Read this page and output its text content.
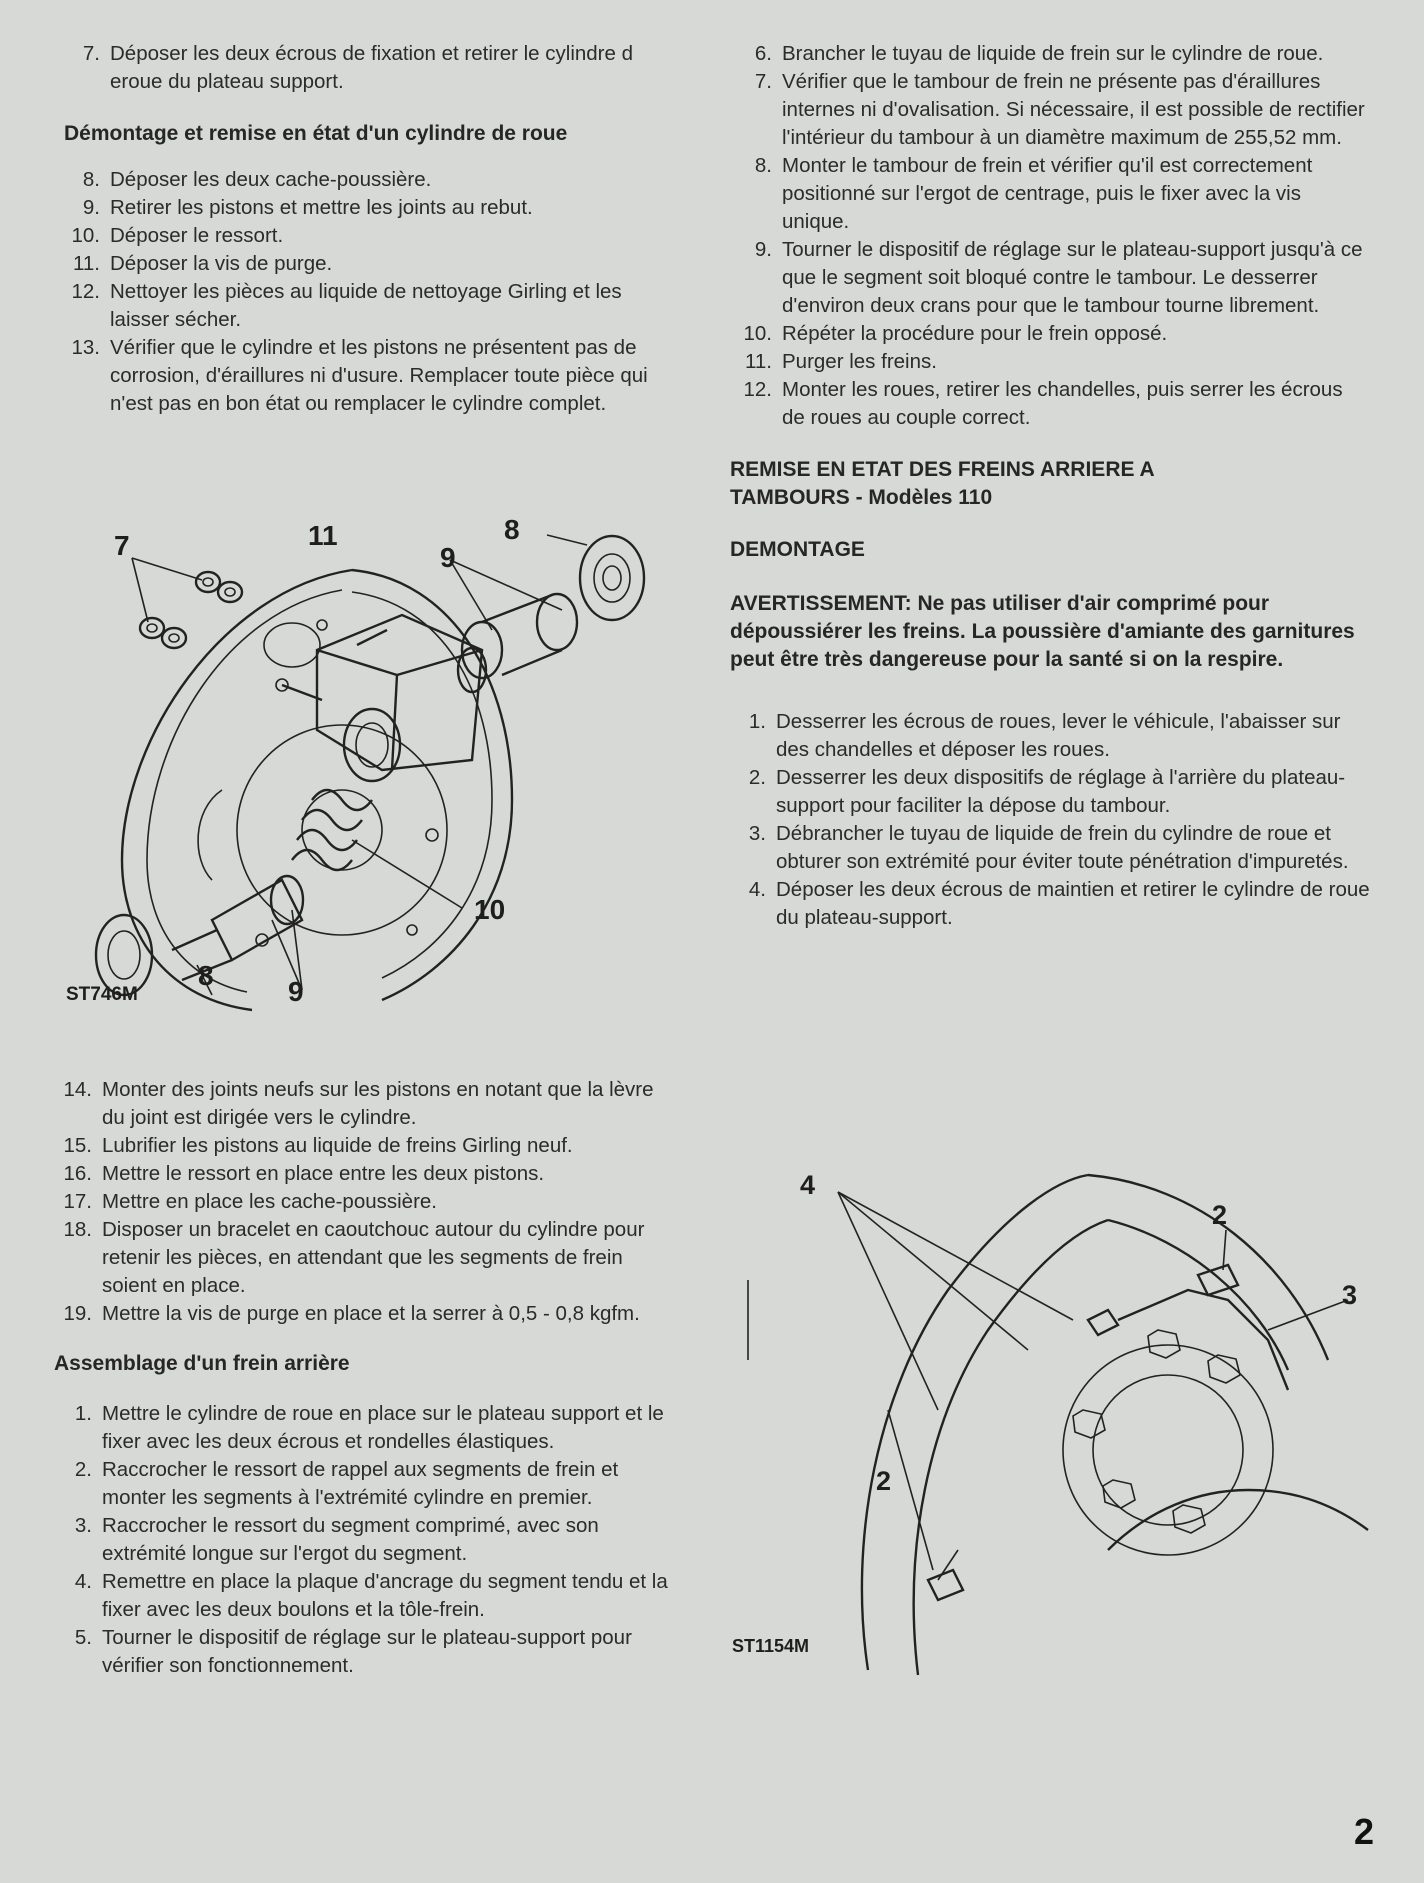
7. Déposer les deux écrous de fixation et retirer le cylindre d eroue du plateau support.
Démontage et remise en état d'un cylindre de roue
8. Déposer les deux cache-poussière.
9. Retirer les pistons et mettre les joints au rebut.
10. Déposer le ressort.
11. Déposer la vis de purge.
12. Nettoyer les pièces au liquide de nettoyage Girling et les laisser sécher.
13. Vérifier que le cylindre et les pistons ne présentent pas de corrosion, d'éraillures ni d'usure. Remplacer toute pièce qui n'est pas en bon état ou remplacer le cylindre complet.
7	11
9
8
10
8
9
ST746M
14. Monter des joints neufs sur les pistons en notant que la lèvre du joint est dirigée vers le cylindre.
15. Lubrifier les pistons au liquide de freins Girling neuf.
16. Mettre le ressort en place entre les deux pistons.
17. Mettre en place les cache-poussière.
18. Disposer un bracelet en caoutchouc autour du cylindre pour retenir les pièces, en attendant que les segments de frein soient en place.
19. Mettre la vis de purge en place et la serrer à 0,5 - 0,8 kgfm.
Assemblage d'un frein arrière
1. Mettre le cylindre de roue en place sur le plateau support et le fixer avec les deux écrous et rondelles élastiques.
2. Raccrocher le ressort de rappel aux segments de frein et monter les segments à l'extrémité cylindre en premier.
3. Raccrocher le ressort du segment comprimé, avec son extrémité longue sur l'ergot du segment.
4. Remettre en place la plaque d'ancrage du segment tendu et la fixer avec les deux boulons et la tôle-frein.
5. Tourner le dispositif de réglage sur le plateau-support pour vérifier son fonctionnement.
6. Brancher le tuyau de liquide de frein sur le cylindre de roue.
7. Vérifier que le tambour de frein ne présente pas d'éraillures internes ni d'ovalisation. Si nécessaire, il est possible de rectifier l'intérieur du tambour à un diamètre maximum de 255,52 mm.
8. Monter le tambour de frein et vérifier qu'il est correctement positionné sur l'ergot de centrage, puis le fixer avec la vis unique.
9. Tourner le dispositif de réglage sur le plateau-support jusqu'à ce que le segment soit bloqué contre le tambour. Le desserrer d'environ deux crans pour que le tambour tourne librement.
10. Répéter la procédure pour le frein opposé.
11. Purger les freins.
12. Monter les roues, retirer les chandelles, puis serrer les écrous de roues au couple correct.
REMISE EN ETAT DES FREINS ARRIERE A
TAMBOURS - Modèles 110
DEMONTAGE

AVERTISSEMENT: Ne pas utiliser d'air comprimé pour dépoussiérer les freins. La poussière d'amiante des garnitures peut être très dangereuse pour la santé si on la respire.

1. Desserrer les écrous de roues, lever le véhicule, l'abaisser sur des chandelles et déposer les roues.
2. Desserrer les deux dispositifs de réglage à l'arrière du plateau- support pour faciliter la dépose du tambour.
3. Débrancher le tuyau de liquide de frein du cylindre de roue et obturer son extrémité pour éviter toute pénétration d'impuretés.
4. Déposer les deux écrous de maintien et retirer le cylindre de roue du plateau-support.
4
2
3
2
ST1154M
2
